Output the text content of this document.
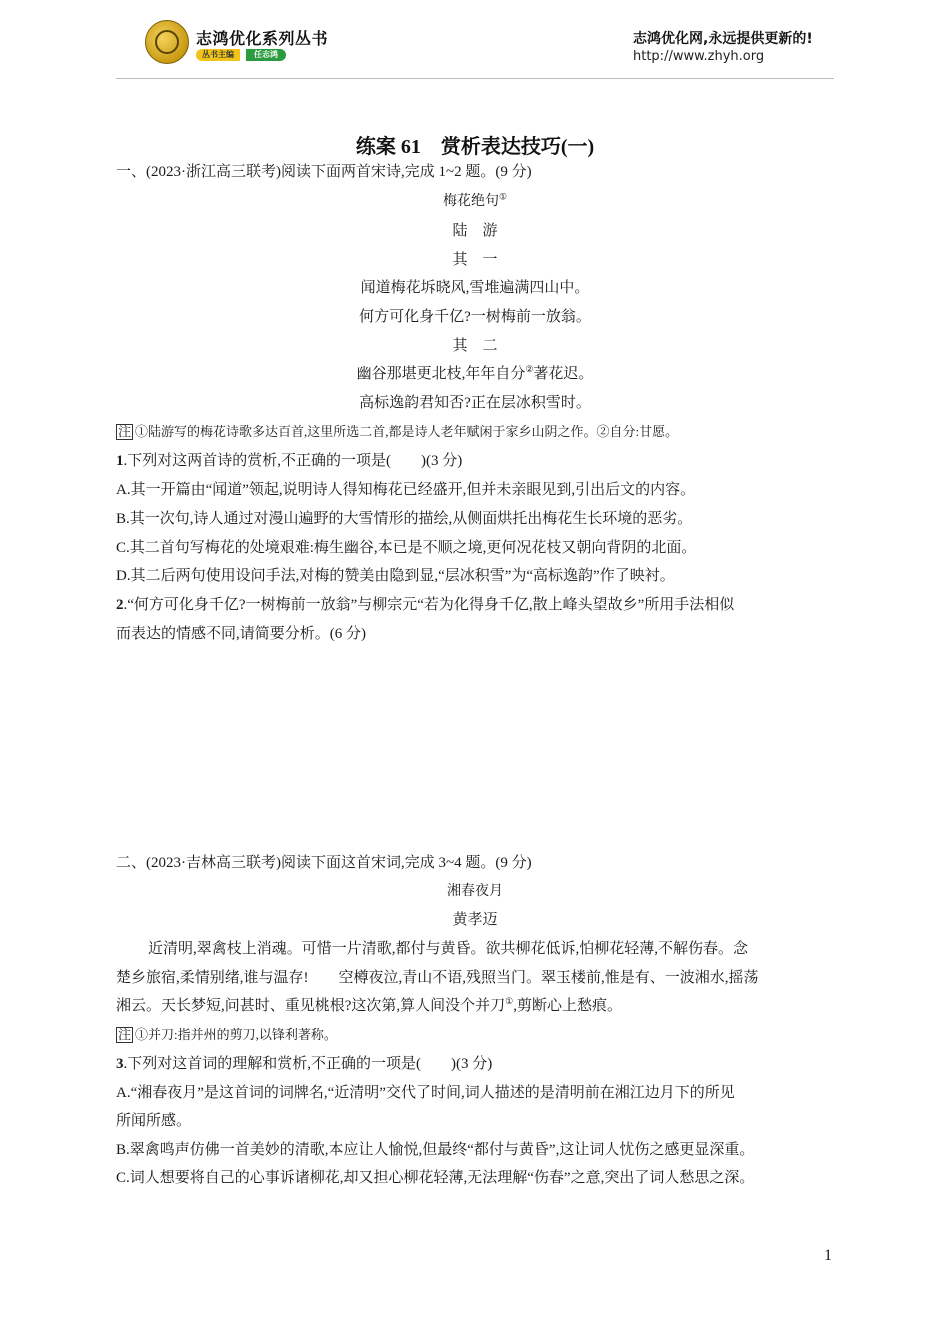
志鸿优化系列丛书
丛书主编	任志鸿
志鸿优化网,永远提供更新的!
http://www.zhyh.org
练案 61　赏析表达技巧(一)
一、(2023·浙江高三联考)阅读下面两首宋诗,完成 1~2 题。(9 分)
梅花绝句①
陆　游
其　一
闻道梅花坼晓风,雪堆遍满四山中。
何方可化身千亿?一树梅前一放翁。
其　二
幽谷那堪更北枝,年年自分②著花迟。
高标逸韵君知否?正在层冰积雪时。
注 ①陆游写的梅花诗歌多达百首,这里所选二首,都是诗人老年赋闲于家乡山阴之作。②自分:甘愿。
1.下列对这两首诗的赏析,不正确的一项是(　　)(3 分)
A.其一开篇由“闻道”领起,说明诗人得知梅花已经盛开,但并未亲眼见到,引出后文的内容。
B.其一次句,诗人通过对漫山遍野的大雪情形的描绘,从侧面烘托出梅花生长环境的恶劣。
C.其二首句写梅花的处境艰难:梅生幽谷,本已是不顺之境,更何况花枝又朝向背阴的北面。
D.其二后两句使用设问手法,对梅的赞美由隐到显,“层冰积雪”为“高标逸韵”作了映衬。
2.“何方可化身千亿?一树梅前一放翁”与柳宗元“若为化得身千亿,散上峰头望故乡”所用手法相似
而表达的情感不同,请简要分析。(6 分)
二、(2023·吉林高三联考)阅读下面这首宋词,完成 3~4 题。(9 分)
湘春夜月
黄孝迈
近清明,翠禽枝上消魂。可惜一片清歌,都付与黄昏。欲共柳花低诉,怕柳花轻薄,不解伤春。念
楚乡旅宿,柔情别绪,谁与温存!　　空樽夜泣,青山不语,残照当门。翠玉楼前,惟是有、一波湘水,摇荡
湘云。天长梦短,问甚时、重见桃根?这次第,算人间没个并刀①,剪断心上愁痕。
注 ①并刀:指并州的剪刀,以锋利著称。
3.下列对这首词的理解和赏析,不正确的一项是(　　)(3 分)
A.“湘春夜月”是这首词的词牌名,“近清明”交代了时间,词人描述的是清明前在湘江边月下的所见
所闻所感。
B.翠禽鸣声仿佛一首美妙的清歌,本应让人愉悦,但最终“都付与黄昏”,这让词人忧伤之感更显深重。
C.词人想要将自己的心事诉诸柳花,却又担心柳花轻薄,无法理解“伤春”之意,突出了词人愁思之深。
1
